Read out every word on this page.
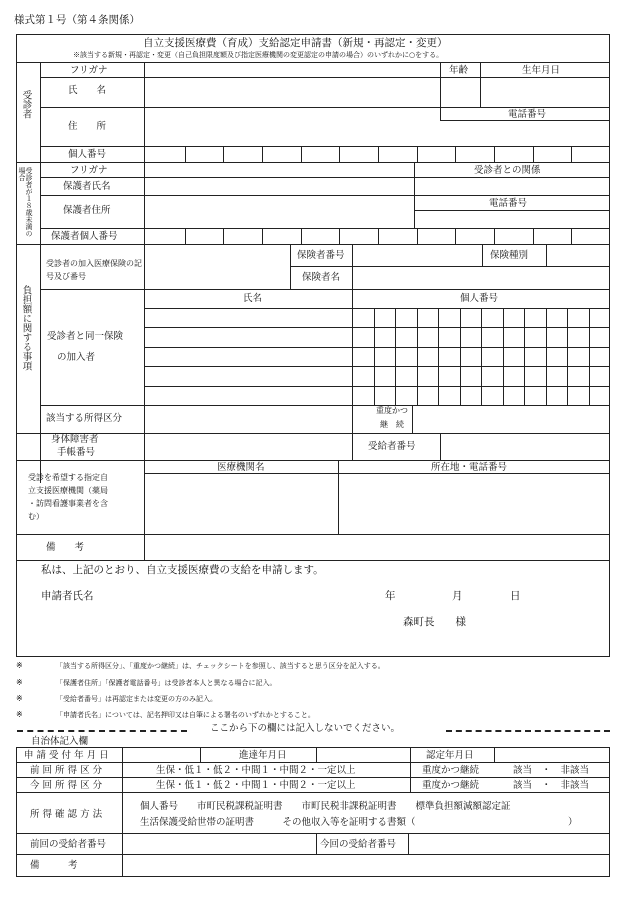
様式第１号（第４条関係）
自立支援医療費（育成）支給認定申請書（新規・再認定・変更）
※該当する新規・再認定・変更（自己負担限度額及び指定医療機関の変更認定の申請の場合）のいずれかに○をする。
受診者
フリガナ	年齢	生年月日
氏　　名
電話番号
住　　所
個人番号
受診者が１８歳未満の場合	フリガナ	受診者との関係
保護者氏名
電話番号
保護者住所
保護者個人番号
負担額に関する事項
受診者の加入医療保険の記号及び番号
保険者番号	保険種別
保険者名
氏名	個人番号
受診者と同一保険
の加入者
該当する所得区分
重度かつ
継　続
身体障害者
手帳番号
受給者番号
受診を希望する指定自
立支援医療機関（薬局
・訪問看護事業者を含
む）
医療機関名	所在地・電話番号
備　　考
私は、上記のとおり、自立支援医療費の支給を申請します。
申請者氏名	年	月	日
森町長　　様
※	「該当する所得区分」、「重度かつ継続」は、チェックシートを参照し、該当すると思う区分を記入する。
※	「保護者住所」「保護者電話番号」は受診者本人と異なる場合に記入。
※	「受給者番号」は再認定または変更の方のみ記入。
※	「申請者氏名」については、記名押印又は自筆による署名のいずれかとすること。
ここから下の欄には記入しないでください。
自治体記入欄
申 請 受 付 年 月 日	進達年月日	認定年月日
前 回 所 得 区 分	生保・低１・低２・中間１・中間２・一定以上	重度かつ継続	該当　・　非該当
今 回 所 得 区 分	生保・低１・低２・中間１・中間２・一定以上	重度かつ継続	該当　・　非該当
所 得 確 認 方 法
個人番号　　市町民税課税証明書　　市町民税非課税証明書　　標準負担額減額認定証
生活保護受給世帯の証明書　　　その他収入等を証明する書類（	）
前回の受給者番号	今回の受給者番号
備　　　考
